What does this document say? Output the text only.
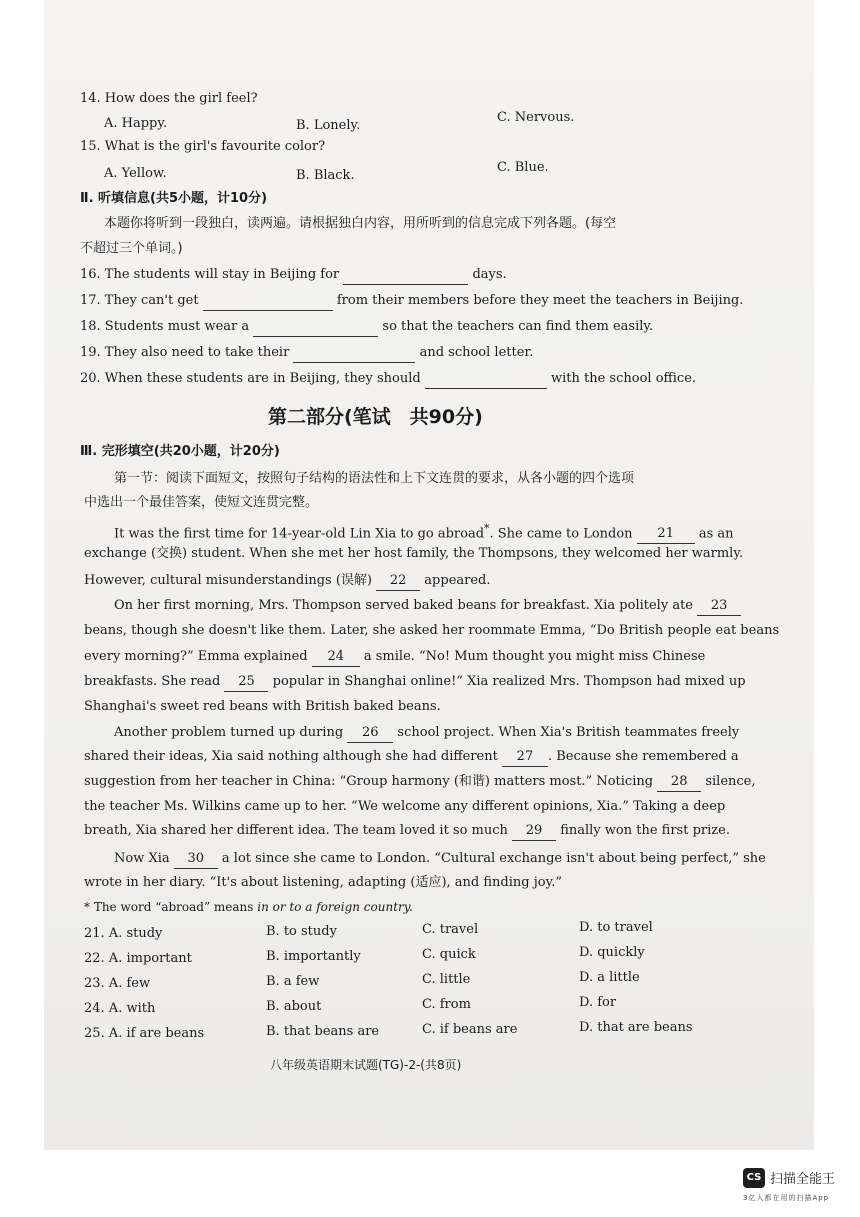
14. How does the girl feel?
A. Happy.	B. Lonely.
C. Nervous.
15. What is the girl's favourite color?
A. Yellow.	B. Black.
C. Blue.
Ⅱ. 听填信息(共5小题，计10分)
本题你将听到一段独白，读两遍。请根据独白内容，用所听到的信息完成下列各题。(每空
不超过三个单词。)
16. The students will stay in Beijing for	days.
17. They can't get	from their members before they meet the teachers in Beijing.
18. Students must wear a	so that the teachers can find them easily.
19. They also need to take their	and school letter.
20. When these students are in Beijing, they should	with the school office.
第二部分(笔试　共90分)
Ⅲ. 完形填空(共20小题，计20分)
第一节：阅读下面短文，按照句子结构的语法性和上下文连贯的要求，从各小题的四个选项
中选出一个最佳答案，使短文连贯完整。
It was the first time for 14-year-old Lin Xia to go abroad*. She came to London 21 as an
exchange (交换) student. When she met her host family, the Thompsons, they welcomed her warmly.
However, cultural misunderstandings (误解) 22 appeared.
On her first morning, Mrs. Thompson served baked beans for breakfast. Xia politely ate 23
beans, though she doesn't like them. Later, she asked her roommate Emma, “Do British people eat beans
every morning?” Emma explained 24 a smile. “No! Mum thought you might miss Chinese
breakfasts. She read 25 popular in Shanghai online!” Xia realized Mrs. Thompson had mixed up
Shanghai's sweet red beans with British baked beans.
Another problem turned up during 26 school project. When Xia's British teammates freely
shared their ideas, Xia said nothing although she had different 27 . Because she remembered a
suggestion from her teacher in China: “Group harmony (和谐) matters most.” Noticing 28 silence,
the teacher Ms. Wilkins came up to her. “We welcome any different opinions, Xia.” Taking a deep
breath, Xia shared her different idea. The team loved it so much 29 finally won the first prize.
Now Xia 30 a lot since she came to London. “Cultural exchange isn't about being perfect,” she
wrote in her diary. “It's about listening, adapting (适应), and finding joy.”
* The word “abroad” means in or to a foreign country.
21. A. study	B. to study	C. travel	D. to travel
22. A. important	B. importantly	C. quick	D. quickly
23. A. few	B. a few	C. little	D. a little
24. A. with	B. about	C. from	D. for
25. A. if are beans	B. that beans are	C. if beans are	D. that are beans
八年级英语期末试题(TG)-2-(共8页)
CS 扫描全能王
3亿人都在用的扫描App
